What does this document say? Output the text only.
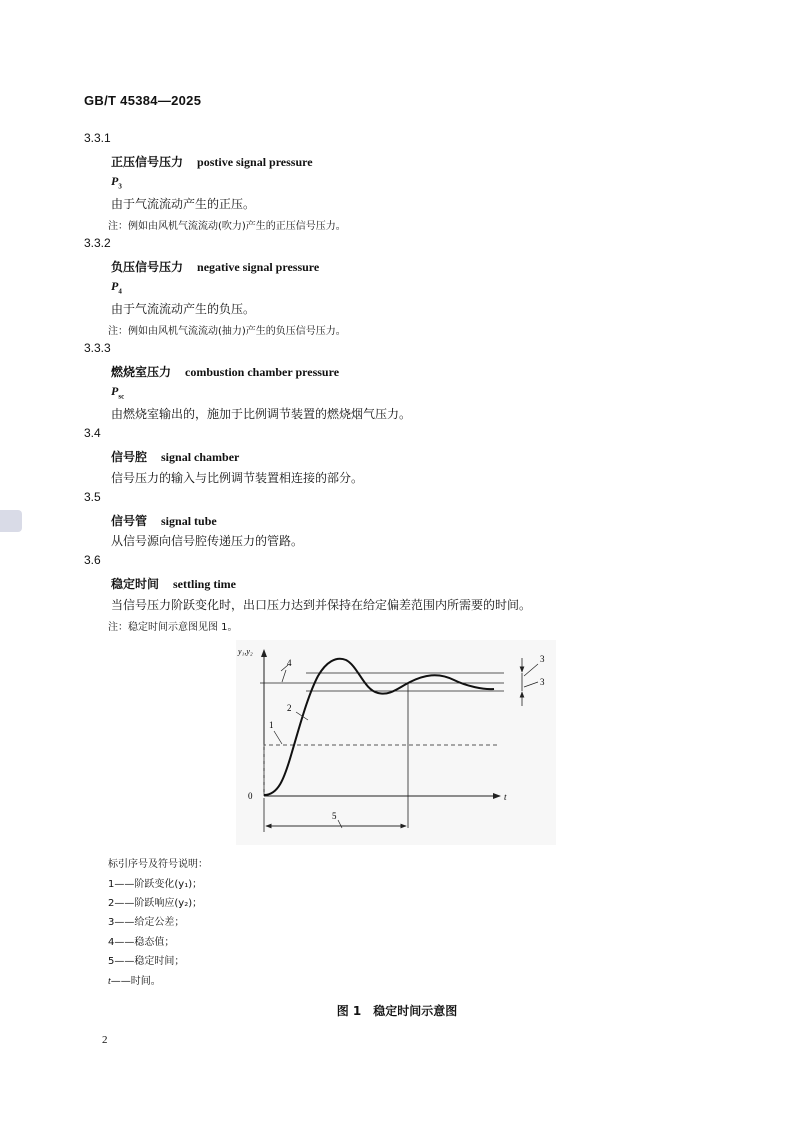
GB/T 45384—2025
3.3.1
正压信号压力 postive signal pressure
$P_3$
由于气流流动产生的正压。
注：例如由风机气流流动(吹力)产生的正压信号压力。
3.3.2
负压信号压力 negative signal pressure
$P_4$
由于气流流动产生的负压。
注：例如由风机气流流动(抽力)产生的负压信号压力。
3.3.3
燃烧室压力 combustion chamber pressure
$P_{sc}$
由燃烧室输出的，施加于比例调节装置的燃烧烟气压力。
3.4
信号腔 signal chamber
信号压力的输入与比例调节装置相连接的部分。
3.5
信号管 signal tube
从信号源向信号腔传递压力的管路。
3.6
稳定时间 settling time
当信号压力阶跃变化时，出口压力达到并保持在给定偏差范围内所需要的时间。
注：稳定时间示意图见图 1。
y₁,y₂
t
0
1
2
3
3
4
5
标引序号及符号说明：
1——阶跃变化(y₁)；
2——阶跃响应(y₂)；
3——给定公差；
4——稳态值；
5——稳定时间；
t——时间。
图 1　稳定时间示意图
2
